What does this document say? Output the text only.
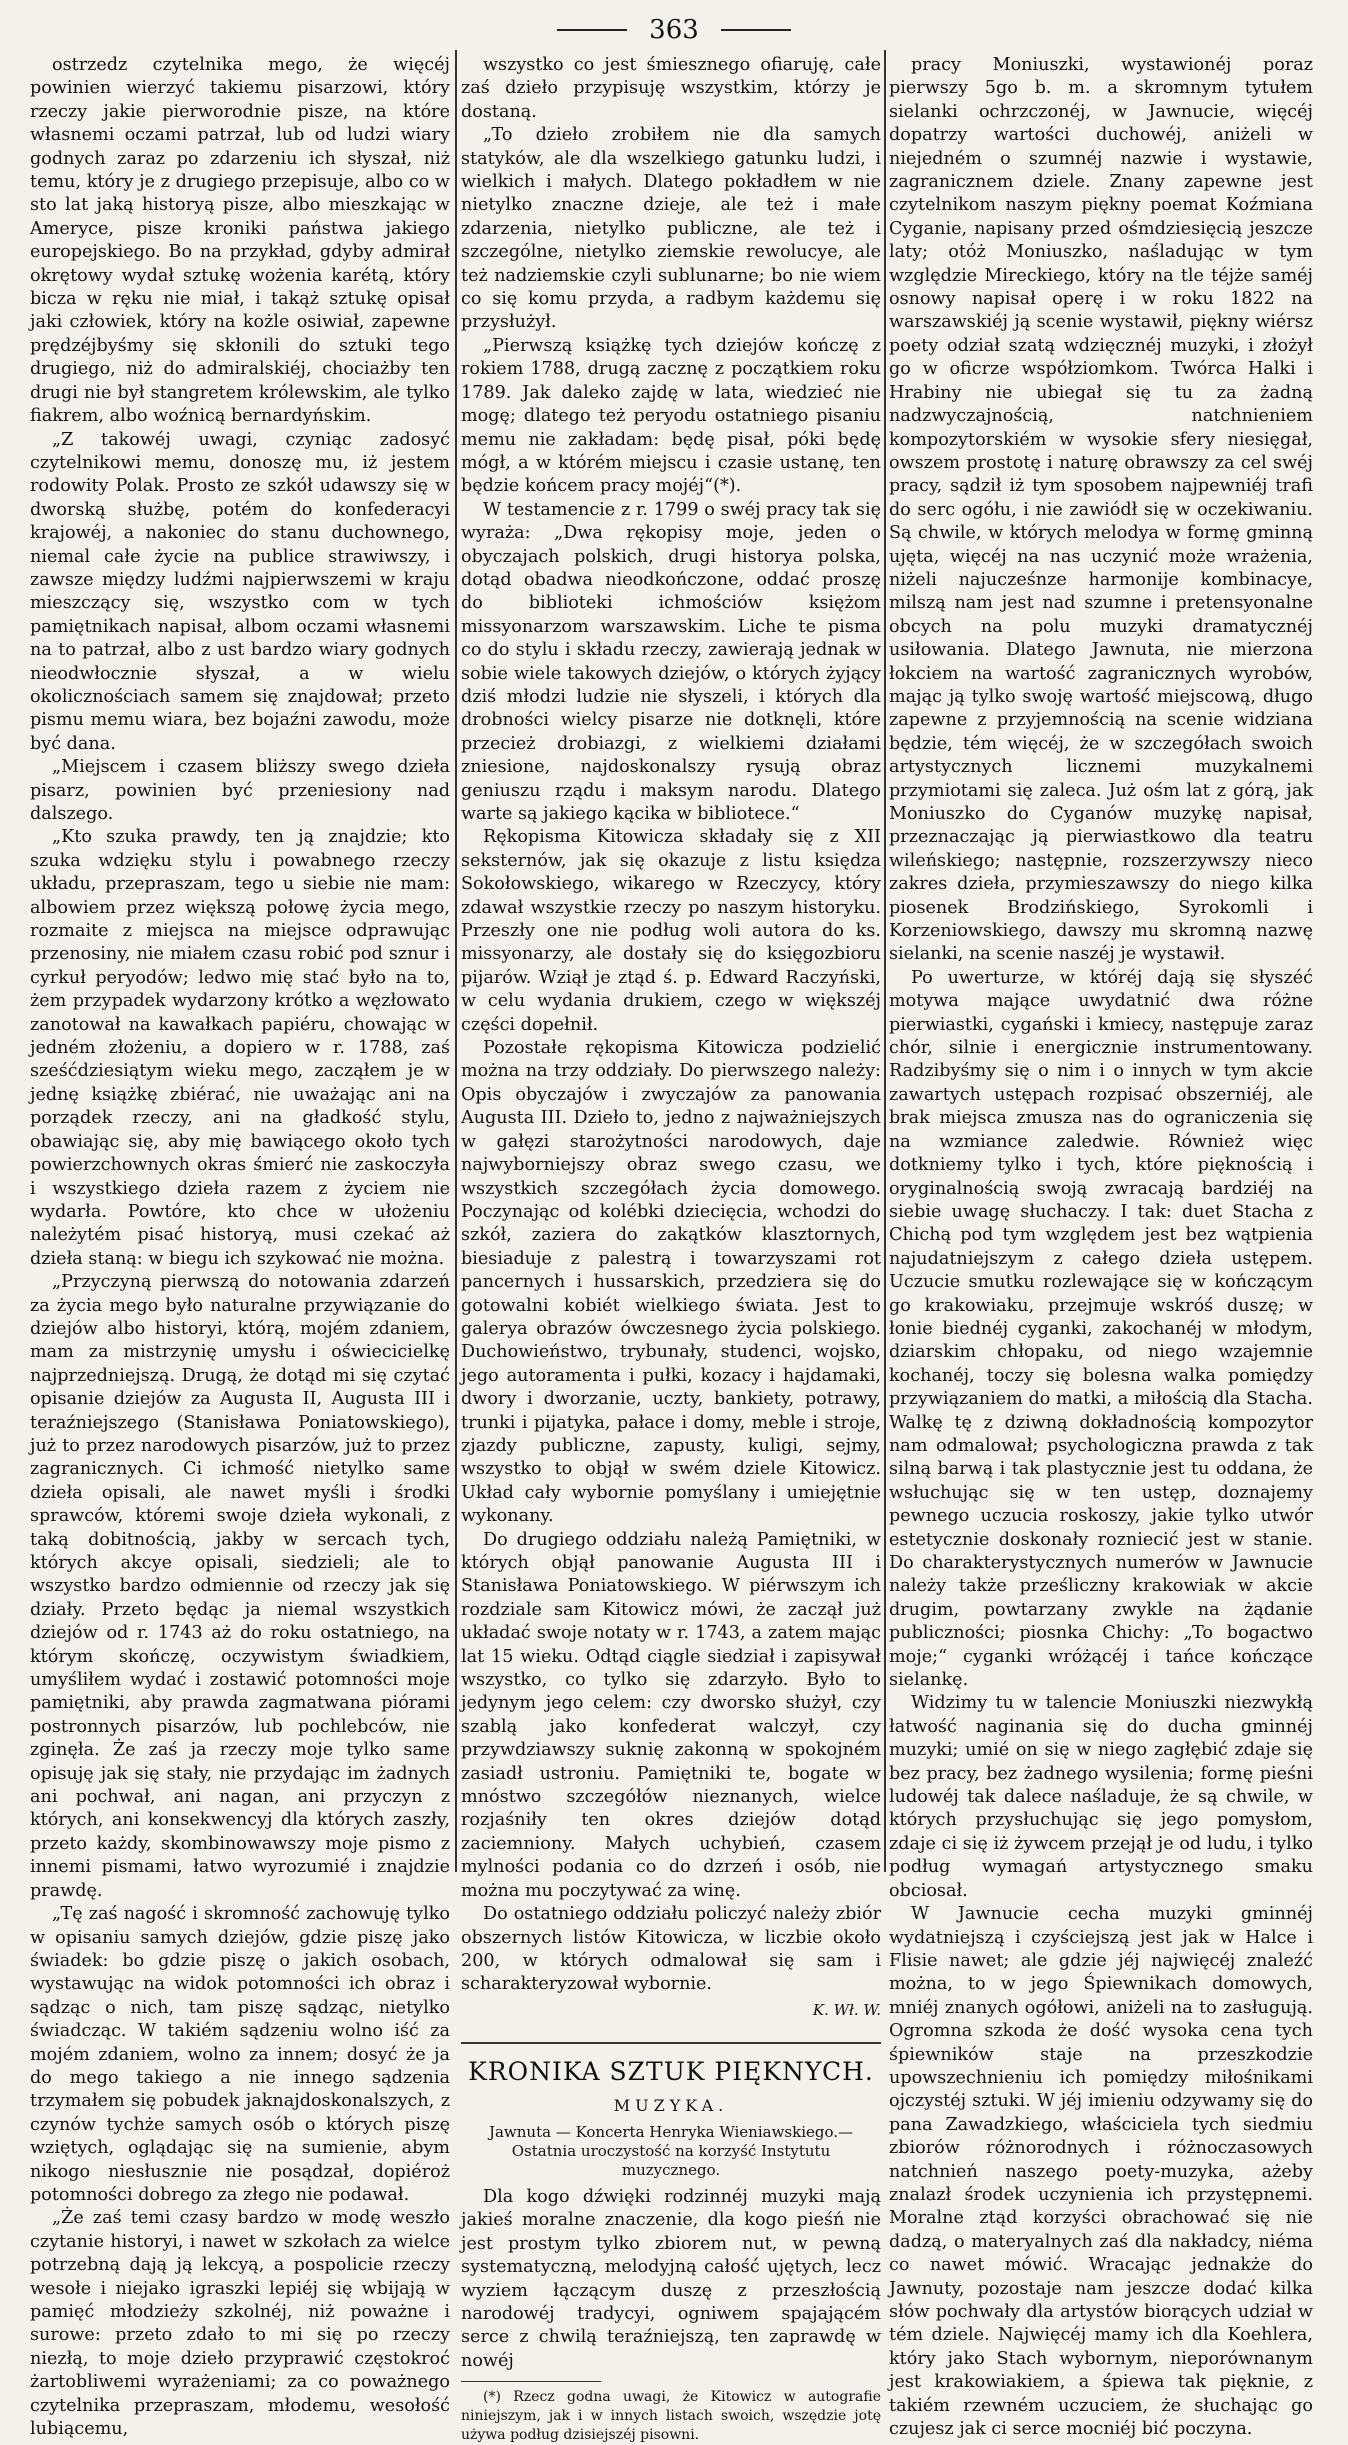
363

ostrzedz czytelnika mego, że więcéj powinien wierzyć takiemu pisarzowi, który rzeczy jakie pierworodnie pisze, na które własnemi oczami patrzał, lub od ludzi wiary godnych zaraz po zdarzeniu ich słyszał, niż temu, który je z drugiego przepisuje, albo co w sto lat jaką historyą pisze, albo mieszkając w Ameryce, pisze kroniki państwa jakiego europejskiego. Bo na przykład, gdyby admirał okrętowy wydał sztukę wożenia karétą, który bicza w ręku nie miał, i takąż sztukę opisał jaki człowiek, który na kożle osiwiał, zapewne prędzéjbyśmy się skłonili do sztuki tego drugiego, niż do admiralskiéj, chociażby ten drugi nie był stangretem królewskim, ale tylko fiakrem, albo woźnicą bernardyńskim.

„Z takowéj uwagi, czyniąc zadosyć czytelnikowi memu, donoszę mu, iż jestem rodowity Polak. Prosto ze szkół udawszy się w dworską służbę, potém do konfederacyi krajowéj, a nakoniec do stanu duchownego, niemal całe życie na publice strawiwszy, i zawsze między ludźmi najpierwszemi w kraju mieszczący się, wszystko com w tych pamiętnikach napisał, albom oczami własnemi na to patrzał, albo z ust bardzo wiary godnych nieodwłocznie słyszał, a w wielu okolicznościach samem się znajdował; przeto pismu memu wiara, bez bojaźni zawodu, może być dana.

„Miejscem i czasem bliższy swego dzieła pisarz, powinien być przeniesiony nad dalszego.

„Kto szuka prawdy, ten ją znajdzie; kto szuka wdzięku stylu i powabnego rzeczy układu, przepraszam, tego u siebie nie mam: albowiem przez większą połowę życia mego, rozmaite z miejsca na miejsce odprawując przenosiny, nie miałem czasu robić pod sznur i cyrkuł peryodów; ledwo mię stać było na to, żem przypadek wydarzony krótko a węzłowato zanotował na kawałkach papiéru, chowając w jedném złożeniu, a dopiero w r. 1788, zaś sześćdziesiątym wieku mego, zacząłem je w jednę książkę zbiérać, nie uważając ani na porządek rzeczy, ani na gładkość stylu, obawiając się, aby mię bawiącego około tych powierzchownych okras śmierć nie zaskoczyła i wszystkiego dzieła razem z życiem nie wydarła. Powtóre, kto chce w ułożeniu należytém pisać historyą, musi czekać aż dzieła staną: w biegu ich szykować nie można.

„Przyczyną pierwszą do notowania zdarzeń za życia mego było naturalne przywiązanie do dziejów albo historyi, którą, mojém zdaniem, mam za mistrzynię umysłu i oświecicielkę najprzedniejszą. Drugą, że dotąd mi się czytać opisanie dziejów za Augusta II, Augusta III i teraźniejszego (Stanisława Poniatowskiego), już to przez narodowych pisarzów, już to przez zagranicznych. Ci ichmość nietylko same dzieła opisali, ale nawet myśli i środki sprawców, któremi swoje dzieła wykonali, z taką dobitnością, jakby w sercach tych, których akcye opisali, siedzieli; ale to wszystko bardzo odmiennie od rzeczy jak się działy. Przeto będąc ja niemal wszystkich dziejów od r. 1743 aż do roku ostatniego, na którym skończę, oczywistym świadkiem, umyśliłem wydać i zostawić potomności moje pamiętniki, aby prawda zagmatwana piórami postronnych pisarzów, lub pochlebców, nie zginęła. Że zaś ja rzeczy moje tylko same opisuję jak się stały, nie przydając im żadnych ani pochwał, ani nagan, ani przyczyn z których, ani konsekwencyj dla których zaszły, przeto każdy, skombinowawszy moje pismo z innemi pismami, łatwo wyrozumié i znajdzie prawdę.

„Tę zaś nagość i skromność zachowuję tylko w opisaniu samych dziejów, gdzie piszę jako świadek: bo gdzie piszę o jakich osobach, wystawując na widok potomności ich obraz i sądząc o nich, tam piszę sądząc, nietylko świadcząc. W takiém sądzeniu wolno iść za mojém zdaniem, wolno za innem; dosyć że ja do mego takiego a nie innego sądzenia trzymałem się pobudek jaknajdoskonalszych, z czynów tychże samych osób o których piszę wziętych, oglądając się na sumienie, abym nikogo niesłusznie nie posądzał, dopiéroż potomności dobrego za złego nie podawał.

„Że zaś temi czasy bardzo w modę weszło czytanie historyi, i nawet w szkołach za wielce potrzebną dają ją lekcyą, a pospolicie rzeczy wesołe i niejako igraszki lepiéj się wbijają w pamięć młodzieży szkolnéj, niż poważne i surowe: przeto zdało to mi się po rzeczy niezłą, to moje dzieło przyprawić częstokroć żartobliwemi wyrażeniami; za co poważnego czytelnika przepraszam, młodemu, wesołość lubiącemu,

wszystko co jest śmiesznego ofiaruję, całe zaś dzieło przypisuję wszystkim, którzy je dostaną.

„To dzieło zrobiłem nie dla samych statyków, ale dla wszelkiego gatunku ludzi, i wielkich i małych. Dlatego pokładłem w nie nietylko znaczne dzieje, ale też i małe zdarzenia, nietylko publiczne, ale też i szczególne, nietylko ziemskie rewolucye, ale też nadziemskie czyli sublunarne; bo nie wiem co się komu przyda, a radbym każdemu się przysłużył.

„Pierwszą książkę tych dziejów kończę z rokiem 1788, drugą zacznę z początkiem roku 1789. Jak daleko zajdę w lata, wiedzieć nie mogę; dlatego też peryodu ostatniego pisaniu memu nie zakładam: będę pisał, póki będę mógł, a w którém miejscu i czasie ustanę, ten będzie końcem pracy mojéj“(*).

W testamencie z r. 1799 o swéj pracy tak się wyraża: „Dwa rękopisy moje, jeden o obyczajach polskich, drugi historya polska, dotąd obadwa nieodkończone, oddać proszę do biblioteki ichmościów księżom missyonarzom warszawskim. Liche te pisma co do stylu i składu rzeczy, zawierają jednak w sobie wiele takowych dziejów, o których żyjący dziś młodzi ludzie nie słyszeli, i których dla drobności wielcy pisarze nie dotknęli, które przecież drobiazgi, z wielkiemi działami zniesione, najdoskonalszy rysują obraz geniuszu rządu i maksym narodu. Dlatego warte są jakiego kącika w bibliotece.“

Rękopisma Kitowicza składały się z XII seksternów, jak się okazuje z listu księdza Sokołowskiego, wikaregо w Rzeczycy, który zdawał wszystkie rzeczy po naszym historyku. Przeszły one nie podług woli autora do ks. missyonarzy, ale dostały się do księgozbioru pijarów. Wziął je ztąd ś. p. Edward Raczyński, w celu wydania drukiem, czego w większéj części dopełnił.

Pozostałe rękopisma Kitowicza podzielić można na trzy oddziały. Do pierwszego należy: Opis obyczajów i zwyczajów za panowania Augusta III. Dzieło to, jedno z najważniejszych w gałęzi starożytności narodowych, daje najwyborniejszy obraz swego czasu, we wszystkich szczegółach życia domowego. Poczynając od kolébki dziecięcia, wchodzi do szkół, zaziera do zakątków klasztornych, biesiaduje z palestrą i towarzyszami rot pancernych i hussarskich, przedziera się do gotowalni kobiét wielkiego świata. Jest to galerya obrazów ówczesnego życia polskiego. Duchowieństwo, trybunały, studenci, wojsko, jego autoramenta i pułki, kozacy i hajdamaki, dwory i dworzanie, uczty, bankiety, potrawy, trunki i pijatyka, pałace i domy, meble i stroje, zjazdy publiczne, zapusty, kuligi, sejmy, wszystko to objął w swém dziele Kitowicz. Układ cały wybornie pomyślany i umiejętnie wykonany.

Do drugiego oddziału należą Pamiętniki, w których objął panowanie Augusta III i Stanisława Poniatowskiego. W piérwszym ich rozdziale sam Kitowicz mówi, że zaczął już układać swoje notaty w r. 1743, a zatem mając lat 15 wieku. Odtąd ciągle siedział i zapisywał wszystko, co tylko się zdarzyło. Było to jedynym jego celem: czy dworsko służył, czy szablą jako konfederat walczył, czy przywdziawszy suknię zakonną w spokojném zasiadł ustroniu. Pamiętniki te, bogate w mnóstwo szczegółów nieznanych, wielce rozjaśniły ten okres dziejów dotąd zaciemniony. Małych uchybień, czasem mylności podania co do dzrzeń i osób, nie można mu poczytywać za winę.

Do ostatniego oddziału policzyć należy zbiór obszernych listów Kitowicza, w liczbie około 200, w których odmalował się sam i scharakteryzował wybornie.

K. Wł. W.
KRONIKA SZTUK PIĘKNYCH.
MUZYKA.
Jawnuta — Koncerta Henryka Wieniawskiego.— Ostatnia uroczystość na korzyść Instytutu muzycznego.

Dla kogo dźwięki rodzinnéj muzyki mają jakieś moralne znaczenie, dla kogo pieśń nie jest prostym tylko zbiorem nut, w pewną systematyczną, melodyjną całość ujętych, lecz wyziem łączącym duszę z przeszłością narodowéj tradycyi, ogniwem spajającém serce z chwilą teraźniejszą, ten zaprawdę w nowéj

(*) Rzecz godna uwagi, że Kitowicz w autografie niniejszym, jak i w innych listach swoich, wszędzie jotę używa podług dzisiejszéj pisowni.

pracy Moniuszki, wystawionéj poraz pierwszy 5go b. m. a skromnym tytułem sielanki ochrzczonéj, w Jawnucie, więcéj dopatrzy wartości duchowéj, aniżeli w niejedném o szumnéj nazwie i wystawie, zagranicznem dziele. Znany zapewne jest czytelnikom naszym piękny poemat Koźmiana Cyganie, napisany przed ośmdziesięcią jeszcze laty; otóż Moniuszko, naśladując w tym względzie Mireckiego, który na tle téjże saméj osnowy napisał operę i w roku 1822 na warszawskiéj ją scenie wystawił, piękny wiérsz poety odział szatą wdzięcznéj muzyki, i złożył go w oficrze współziomkom. Twórca Halki i Hrabiny nie ubiegał się tu za żadną nadzwyczajnością, natchnieniem kompozytorskiém w wysokie sfery niesięgał, owszem prostotę i naturę obrawszy za cel swéj pracy, sądził iż tym sposobem najpewniéj trafi do serc ogółu, i nie zawiódł się w oczekiwaniu. Są chwile, w których melodya w formę gminną ujęta, więcéj na nas uczynić może wrażenia, niżeli najucześnze harmonije kombinacye, milszą nam jest nad szumne i pretensyonalne obcych na polu muzyki dramatycznéj usiłowania. Dlatego Jawnuta, nie mierzona łokciem na wartość zagranicznych wyrobów, mając ją tylko swoję wartość miejscową, długo zapewne z przyjemnością na scenie widziana będzie, tém więcéj, że w szczegółach swoich artystycznych licznemi muzykalnemi przymiotami się zaleca. Już ośm lat z górą, jak Moniuszko do Cyganów muzykę napisał, przeznaczając ją pierwiastkowo dla teatru wileńskiego; następnie, rozszerzywszy nieco zakres dzieła, przymieszawszy do niego kilka piosenek Brodzińskiego, Syrokomli i Korzeniowskiego, dawszy mu skromną nazwę sielanki, na scenie naszéj je wystawił.

Po uwerturze, w któréj dają się słyszéć motywa mające uwydatnić dwa różne pierwiastki, cygański i kmiecy, następuje zaraz chór, silnie i energicznie instrumentowany. Radzibyśmy się o nim i o innych w tym akcie zawartych ustępach rozpisać obszerniéj, ale brak miejsca zmusza nas do ograniczenia się na wzmiance zaledwie. Również więc dotkniemy tylko i tych, które pięknością i oryginalnością swoją zwracają bardziéj na siebie uwagę słuchaczy. I tak: duet Stacha z Chichą pod tym względem jest bez wątpienia najudatniejszym z całego dzieła ustępem. Uczucie smutku rozlewające się w kończącym go krakowiaku, przejmuje wskróś duszę; w łonie biednéj cyganki, zakochanéj w młodym, dziarskim chłopaku, od niego wzajemnie kochanéj, toczy się bolesna walka pomiędzy przywiązaniem do matki, a miłością dla Stacha. Walkę tę z dziwną dokładnością kompozytor nam odmalował; psychologiczna prawda z tak silną barwą i tak plastycznie jest tu oddana, że wsłuchując się w ten ustęp, doznajemy pewnego uczucia roskoszy, jakie tylko utwór estetycznie doskonały rozniecić jest w stanie. Do charakterystycznych numerów w Jawnucie należy także prześliczny krakowiak w akcie drugim, powtarzany zwykle na żądanie publiczności; piosnka Chichy: „To bogactwo moje;“ cyganki wróżącéj i tańce kończące sielankę.

Widzimy tu w talencie Moniuszki niezwykłą łatwość naginania się do ducha gminnéj muzyki; umié on się w niego zagłębić zdaje się bez pracy, bez żadnego wysilenia; formę pieśni ludowéj tak dalece naśladuje, że są chwile, w których przysłuchując się jego pomysłom, zdaje ci się iż żywcem przejął je od ludu, i tylko podług wymagań artystycznego smaku obciosał.

W Jawnucie cecha muzyki gminnéj wydatniejszą i czyściejszą jest jak w Halce i Flisie nawet; ale gdzie jéj najwięcéj znaleźć można, to w jego Śpiewnikach domowych, mniéj znanych ogółowi, aniżeli na to zasługują. Ogromna szkoda że dość wysoka cena tych śpiewników staje na przeszkodzie upowszechnieniu ich pomiędzy miłośnikami ojczystéj sztuki. W jéj imieniu odzywamy się do pana Zawadzkiego, właściciela tych siedmiu zbiorów różnorodnych i różnoczasowych natchnień naszego poety-muzyka, ażeby znalazł środek uczynienia ich przystępnemi. Moralne ztąd korzyści obrachować się nie dadzą, o materyalnych zaś dla nakładcy, niéma co nawet mówić. Wracając jednakże do Jawnuty, pozostaje nam jeszcze dodać kilka słów pochwały dla artystów biorących udział w tém dziele. Najwięcéj mamy ich dla Koehlera, który jako Stach wybornym, nieporównanym jest krakowiakiem, a śpiewa tak pięknie, z takiém rzewném uczuciem, że słuchając go czujesz jak ci serce mocniéj bić poczyna.
